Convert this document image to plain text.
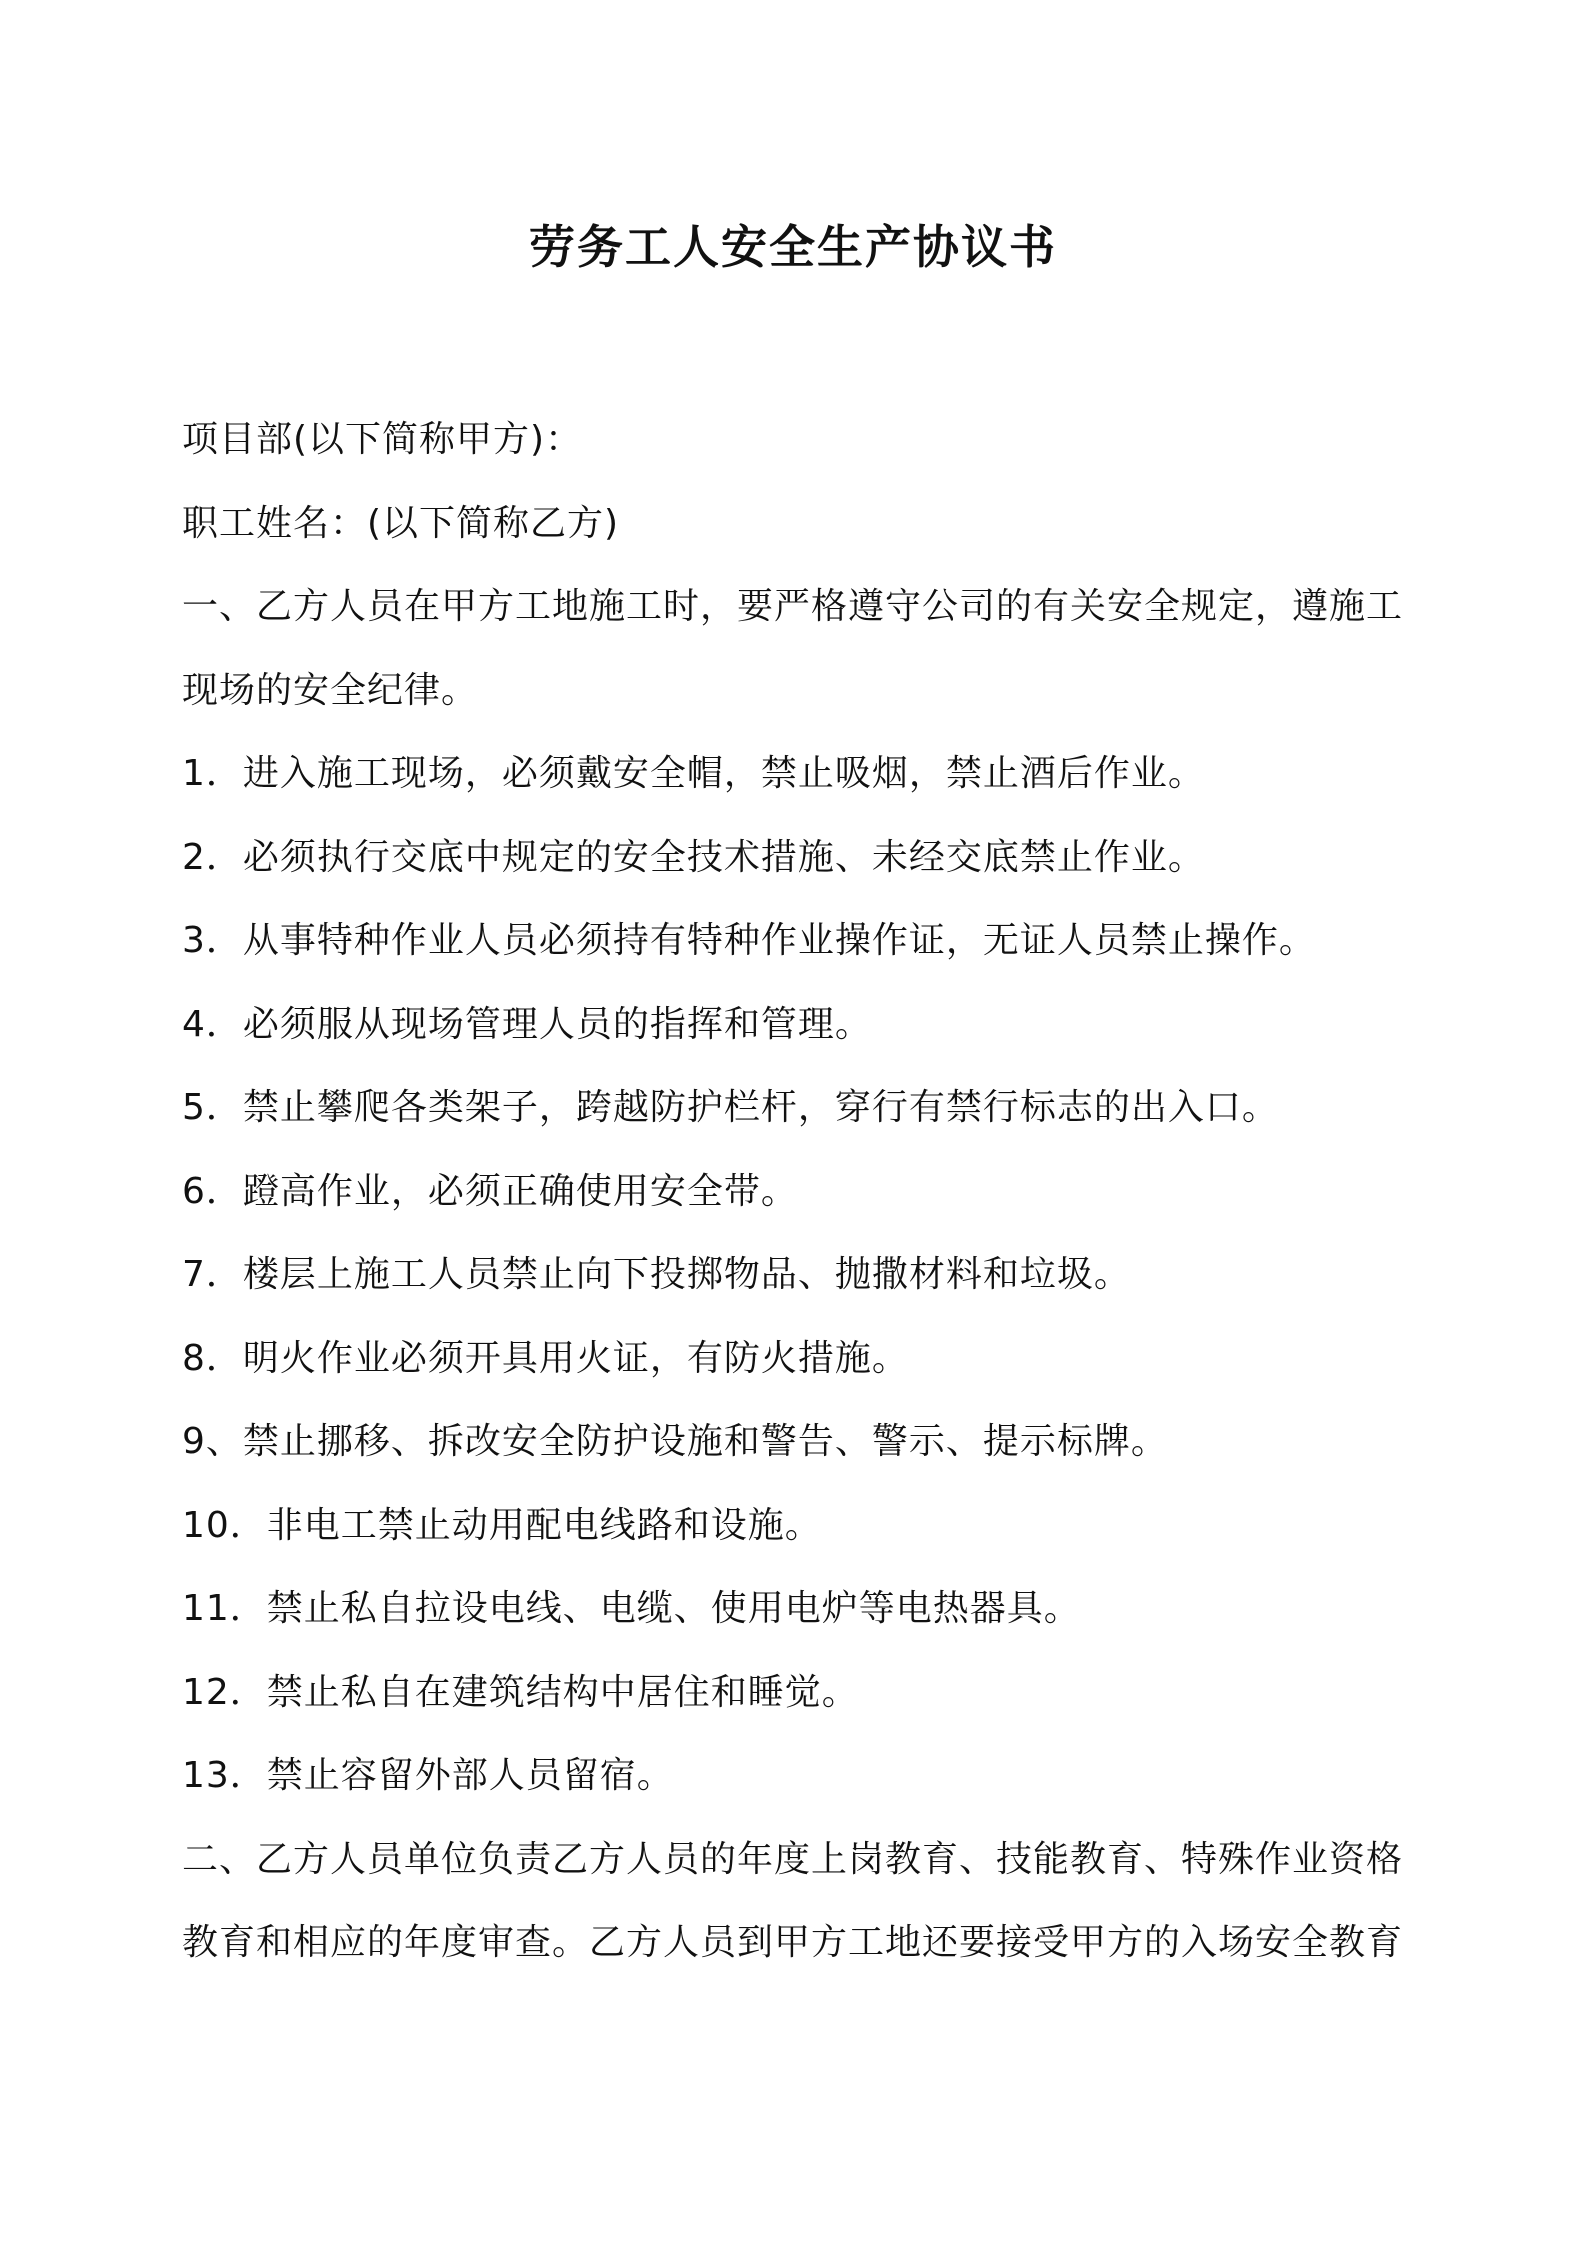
劳务工人安全生产协议书

项目部(以下简称甲方)：

职工姓名：(以下简称乙方)

一、乙方人员在甲方工地施工时，要严格遵守公司的有关安全规定，遵施工

现场的安全纪律。

1．进入施工现场，必须戴安全帽，禁止吸烟，禁止酒后作业。

2．必须执行交底中规定的安全技术措施、未经交底禁止作业。

3．从事特种作业人员必须持有特种作业操作证，无证人员禁止操作。

4．必须服从现场管理人员的指挥和管理。

5．禁止攀爬各类架子，跨越防护栏杆，穿行有禁行标志的出入口。

6．蹬高作业，必须正确使用安全带。

7．楼层上施工人员禁止向下投掷物品、抛撒材料和垃圾。

8．明火作业必须开具用火证，有防火措施。

9、禁止挪移、拆改安全防护设施和警告、警示、提示标牌。

10．非电工禁止动用配电线路和设施。

11．禁止私自拉设电线、电缆、使用电炉等电热器具。

12．禁止私自在建筑结构中居住和睡觉。

13．禁止容留外部人员留宿。

二、乙方人员单位负责乙方人员的年度上岗教育、技能教育、特殊作业资格

教育和相应的年度审查。乙方人员到甲方工地还要接受甲方的入场安全教育
